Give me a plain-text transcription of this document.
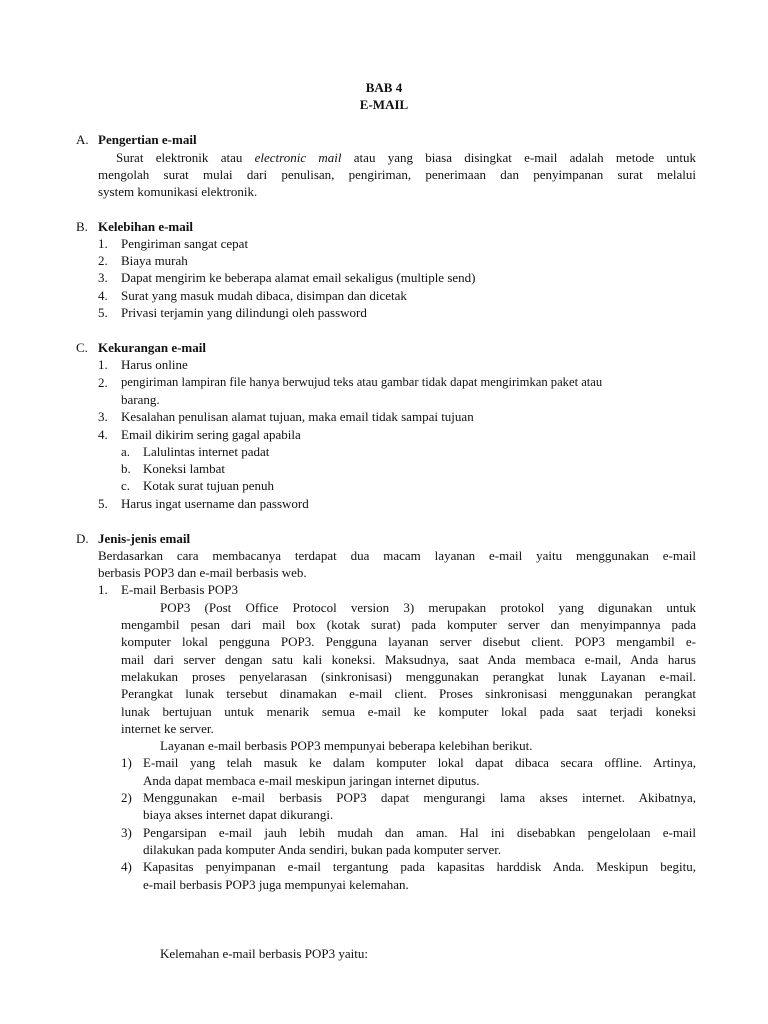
BAB 4
E-MAIL
A. Pengertian e-mail
Surat elektronik atau electronic mail atau yang biasa disingkat e-mail adalah metode untuk
mengolah surat mulai dari penulisan, pengiriman, penerimaan dan penyimpanan surat melalui
system komunikasi elektronik.
B. Kelebihan e-mail
1. Pengiriman sangat cepat
2. Biaya murah
3. Dapat mengirim ke beberapa alamat email sekaligus (multiple send)
4. Surat yang masuk mudah dibaca, disimpan dan dicetak
5. Privasi terjamin yang dilindungi oleh password
C. Kekurangan e-mail
1. Harus online
2. pengiriman lampiran file hanya berwujud teks atau gambar tidak dapat mengirimkan paket atau
barang.
3. Kesalahan penulisan alamat tujuan, maka email tidak sampai tujuan
4. Email dikirim sering gagal apabila
a. Lalulintas internet padat
b. Koneksi lambat
c. Kotak surat tujuan penuh
5. Harus ingat username dan password
D. Jenis-jenis email
Berdasarkan cara membacanya terdapat dua macam layanan e-mail yaitu menggunakan e-mail
berbasis POP3 dan e-mail berbasis web.
1. E-mail Berbasis POP3
POP3 (Post Office Protocol version 3) merupakan protokol yang digunakan untuk
mengambil pesan dari mail box (kotak surat) pada komputer server dan menyimpannya pada
komputer lokal pengguna POP3. Pengguna layanan server disebut client. POP3 mengambil e-
mail dari server dengan satu kali koneksi. Maksudnya, saat Anda membaca e-mail, Anda harus
melakukan proses penyelarasan (sinkronisasi) menggunakan perangkat lunak Layanan e-mail.
Perangkat lunak tersebut dinamakan e-mail client. Proses sinkronisasi menggunakan perangkat
lunak bertujuan untuk menarik semua e-mail ke komputer lokal pada saat terjadi koneksi
internet ke server.
Layanan e-mail berbasis POP3 mempunyai beberapa kelebihan berikut.
1) E-mail yang telah masuk ke dalam komputer lokal dapat dibaca secara offline. Artinya,
Anda dapat membaca e-mail meskipun jaringan internet diputus.
2) Menggunakan e-mail berbasis POP3 dapat mengurangi lama akses internet. Akibatnya,
biaya akses internet dapat dikurangi.
3) Pengarsipan e-mail jauh lebih mudah dan aman. Hal ini disebabkan pengelolaan e-mail
dilakukan pada komputer Anda sendiri, bukan pada komputer server.
4) Kapasitas penyimpanan e-mail tergantung pada kapasitas harddisk Anda. Meskipun begitu,
e-mail berbasis POP3 juga mempunyai kelemahan.
Kelemahan e-mail berbasis POP3 yaitu:
